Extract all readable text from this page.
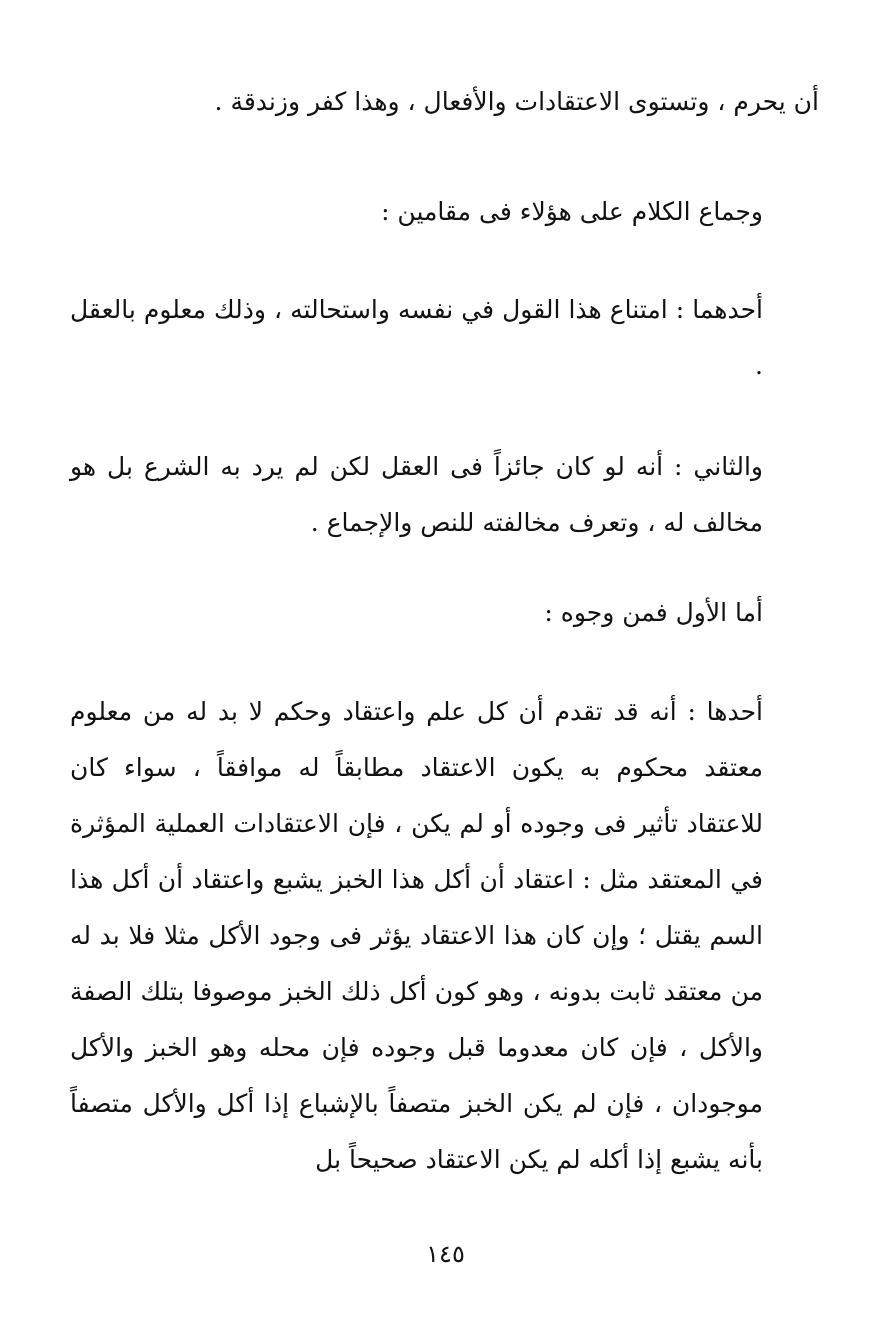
أن يحرم ، وتستوى الاعتقادات والأفعال ، وهذا كفر وزندقة .
وجماع الكلام على هؤلاء فى مقامين :
أحدهما : امتناع هذا القول في نفسه واستحالته ، وذلك معلوم بالعقل .
والثاني : أنه لو كان جائزاً فى العقل لكن لم يرد به الشرع بل هو مخالف له ، وتعرف مخالفته للنص والإجماع .
أما الأول فمن وجوه :
أحدها : أنه قد تقدم أن كل علم واعتقاد وحكم لا بد له من معلوم معتقد محكوم به يكون الاعتقاد مطابقاً له موافقاً ، سواء كان للاعتقاد تأثير فى وجوده أو لم يكن ، فإن الاعتقادات العملية المؤثرة في المعتقد مثل : اعتقاد أن أكل هذا الخبز يشبع واعتقاد أن أكل هذا السم يقتل ؛ وإن كان هذا الاعتقاد يؤثر فى وجود الأكل مثلا فلا بد له من معتقد ثابت بدونه ، وهو كون أكل ذلك الخبز موصوفا بتلك الصفة والأكل ، فإن كان معدوما قبل وجوده فإن محله وهو الخبز والأكل موجودان ، فإن لم يكن الخبز متصفاً بالإشباع إذا أكل والأكل متصفاً بأنه يشبع إذا أكله لم يكن الاعتقاد صحيحاً بل
١٤٥
